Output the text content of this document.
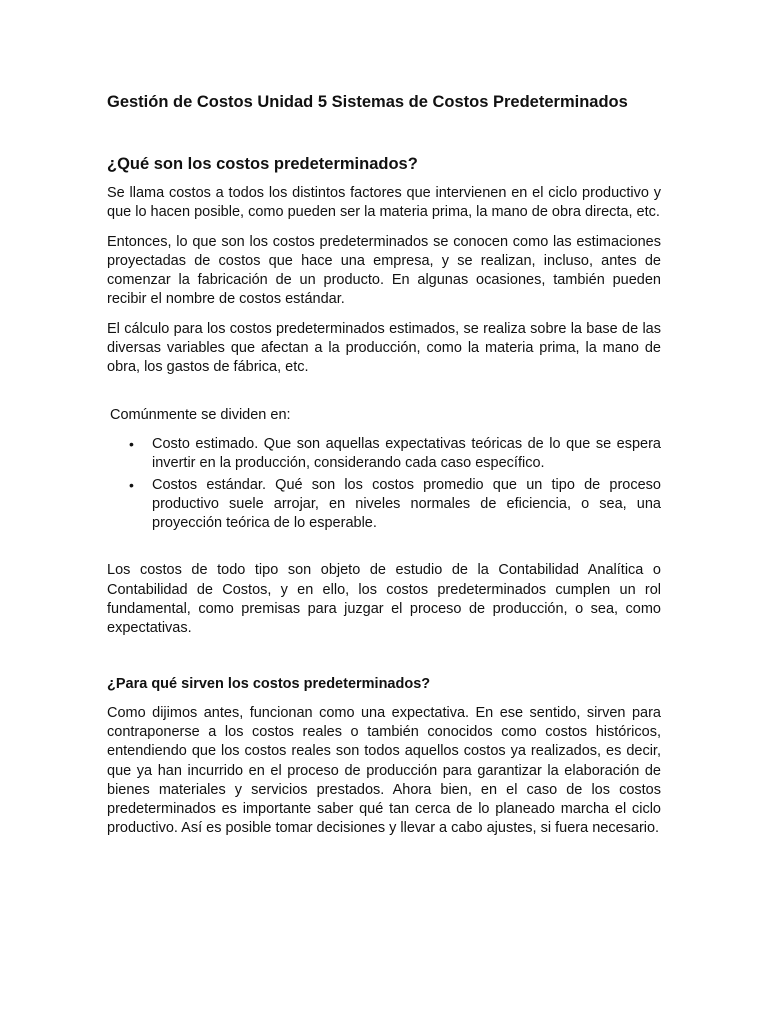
Gestión de Costos Unidad 5 Sistemas de Costos Predeterminados
¿Qué son los costos predeterminados?

Se llama costos a todos los distintos factores que intervienen en el ciclo productivo y que lo hacen posible, como pueden ser la materia prima, la mano de obra directa, etc.

Entonces, lo que son los costos predeterminados se conocen como las estimaciones proyectadas de costos que hace una empresa, y se realizan, incluso, antes de comenzar la fabricación de un producto. En algunas ocasiones, también pueden recibir el nombre de costos estándar.

El cálculo para los costos predeterminados estimados, se realiza sobre la base de las diversas variables que afectan a la producción, como la materia prima, la mano de obra, los gastos de fábrica, etc.

Comúnmente se dividen en:

• Costo estimado. Que son aquellas expectativas teóricas de lo que se espera invertir en la producción, considerando cada caso específico.
• Costos estándar. Qué son los costos promedio que un tipo de proceso productivo suele arrojar, en niveles normales de eficiencia, o sea, una proyección teórica de lo esperable.

Los costos de todo tipo son objeto de estudio de la Contabilidad Analítica o Contabilidad de Costos, y en ello, los costos predeterminados cumplen un rol fundamental, como premisas para juzgar el proceso de producción, o sea, como expectativas.

¿Para qué sirven los costos predeterminados?

Como dijimos antes, funcionan como una expectativa. En ese sentido, sirven para contraponerse a los costos reales o también conocidos como costos históricos, entendiendo que los costos reales son todos aquellos costos ya realizados, es decir, que ya han incurrido en el proceso de producción para garantizar la elaboración de bienes materiales y servicios prestados. Ahora bien, en el caso de los costos predeterminados es importante saber qué tan cerca de lo planeado marcha el ciclo productivo. Así es posible tomar decisiones y llevar a cabo ajustes, si fuera necesario.
